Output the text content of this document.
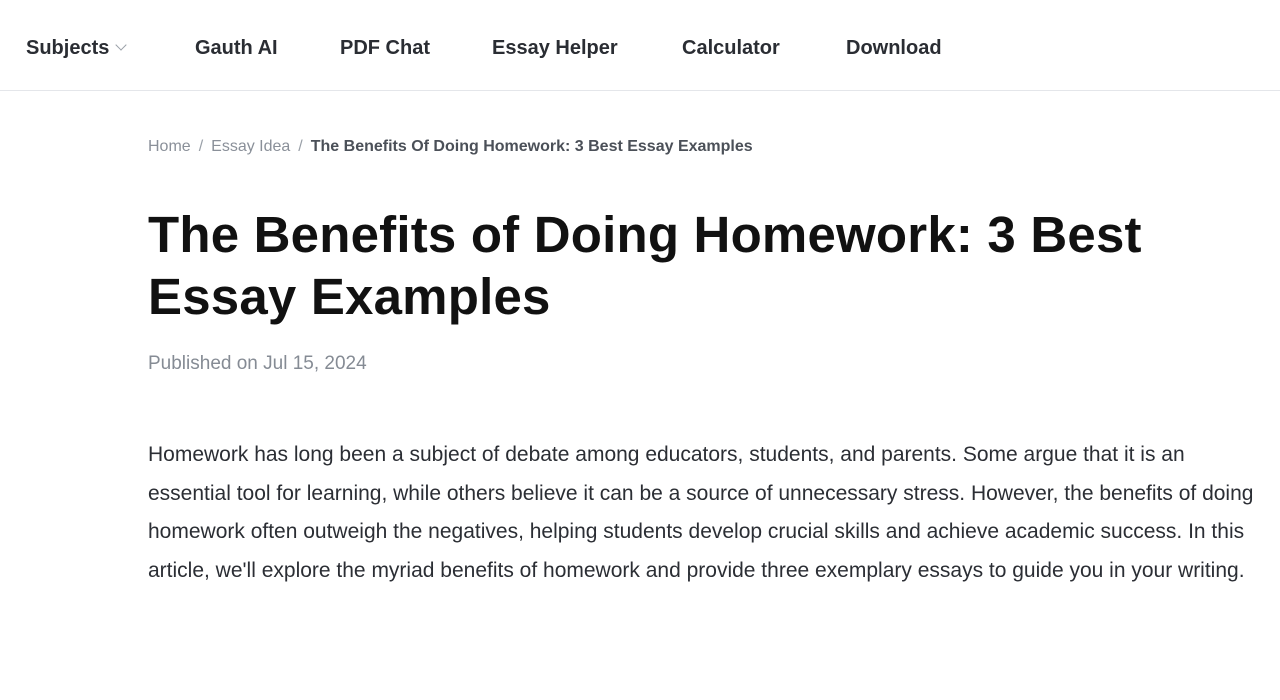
Subjects	Gauth AI	PDF Chat	Essay Helper	Calculator	Download
Home / Essay Idea / The Benefits Of Doing Homework: 3 Best Essay Examples
The Benefits of Doing Homework: 3 Best Essay Examples
Published on Jul 15, 2024

Homework has long been a subject of debate among educators, students, and parents. Some argue that it is an essential tool for learning, while others believe it can be a source of unnecessary stress. However, the benefits of doing homework often outweigh the negatives, helping students develop crucial skills and achieve academic success. In this article, we'll explore the myriad benefits of homework and provide three exemplary essays to guide you in your writing.
